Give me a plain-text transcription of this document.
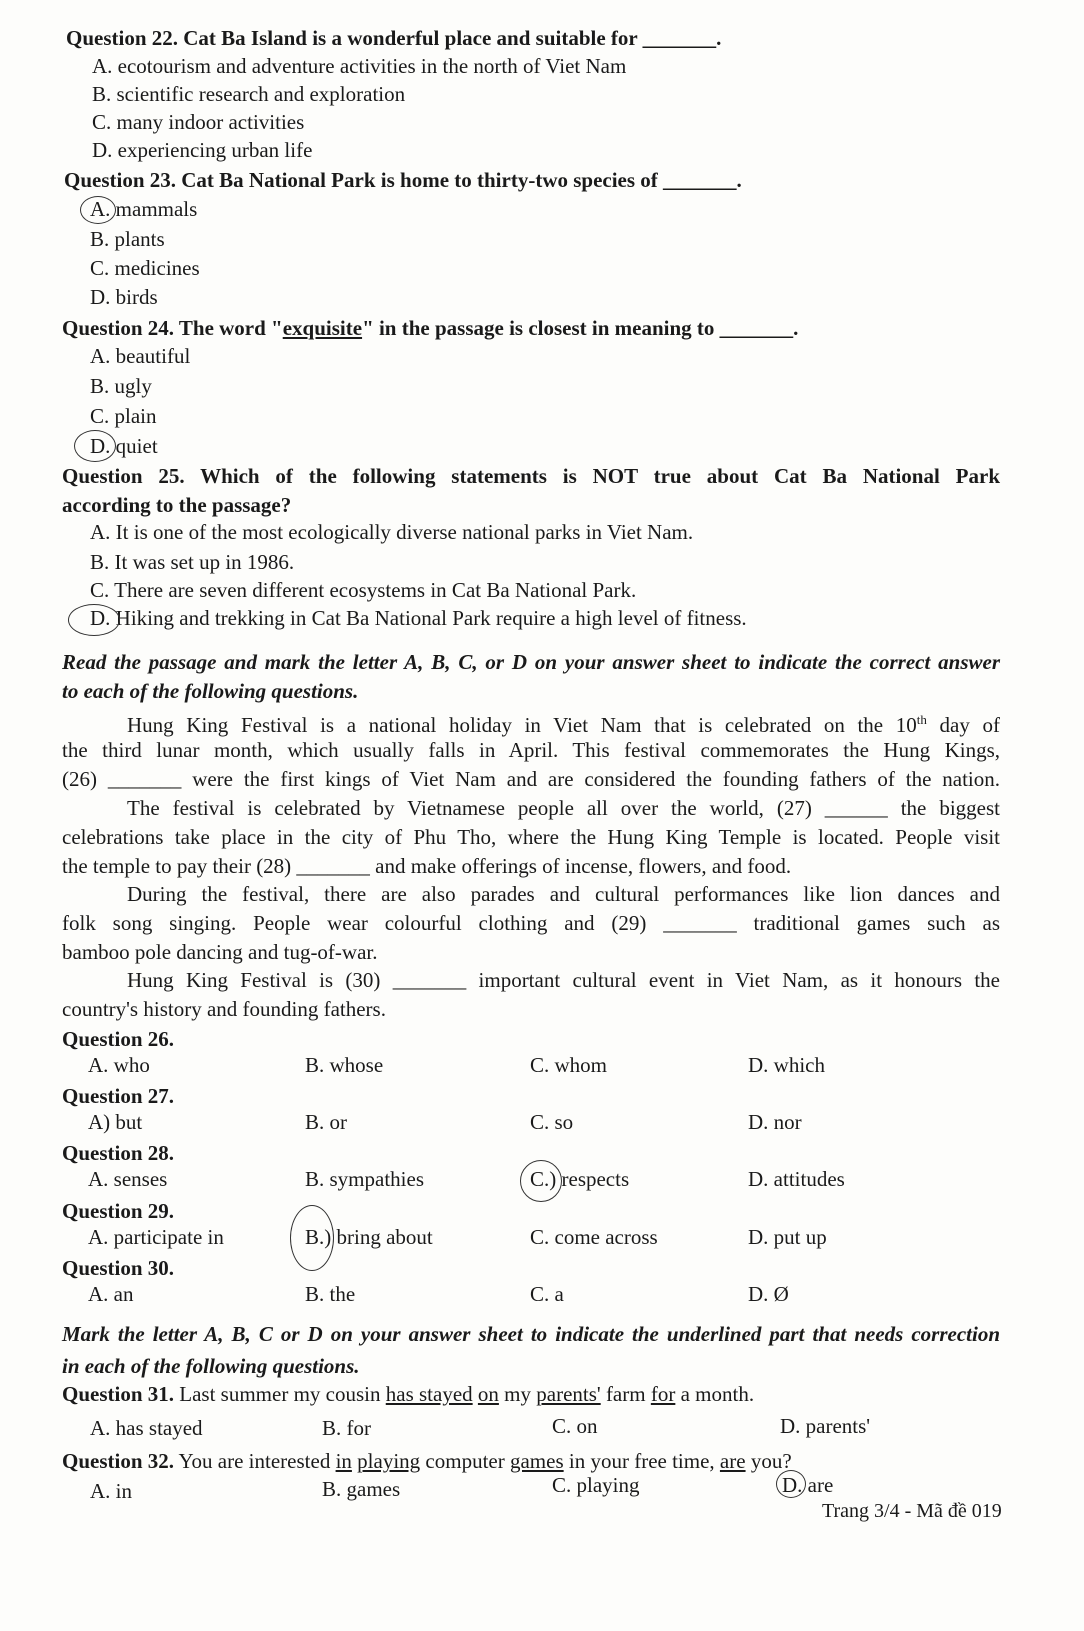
Question 22. Cat Ba Island is a wonderful place and suitable for _______.
A. ecotourism and adventure activities in the north of Viet Nam
B. scientific research and exploration
C. many indoor activities
D. experiencing urban life
Question 23. Cat Ba National Park is home to thirty-two species of _______.
A. mammals
B. plants
C. medicines
D. birds
Question 24. The word "exquisite" in the passage is closest in meaning to _______.
A. beautiful
B. ugly
C. plain
D. quiet
Question 25. Which of the following statements is NOT true about Cat Ba National Park
according to the passage?
A. It is one of the most ecologically diverse national parks in Viet Nam.
B. It was set up in 1986.
C. There are seven different ecosystems in Cat Ba National Park.
D. Hiking and trekking in Cat Ba National Park require a high level of fitness.
Read the passage and mark the letter A, B, C, or D on your answer sheet to indicate the correct answer
to each of the following questions.
Hung King Festival is a national holiday in Viet Nam that is celebrated on the 10th day of
the third lunar month, which usually falls in April. This festival commemorates the Hung Kings,
(26) _______ were the first kings of Viet Nam and are considered the founding fathers of the nation.
The festival is celebrated by Vietnamese people all over the world, (27) ______ the biggest
celebrations take place in the city of Phu Tho, where the Hung King Temple is located. People visit
the temple to pay their (28) _______ and make offerings of incense, flowers, and food.
During the festival, there are also parades and cultural performances like lion dances and
folk song singing. People wear colourful clothing and (29) _______ traditional games such as
bamboo pole dancing and tug-of-war.
Hung King Festival is (30) _______ important cultural event in Viet Nam, as it honours the
country's history and founding fathers.
Question 26.
A. who	B. whose	C. whom	D. which
Question 27.
A) but	B. or	C. so	D. nor
Question 28.
A. senses	B. sympathies	C.) respects	D. attitudes
Question 29.
A. participate in	B.) bring about	C. come across	D. put up
Question 30.
A. an	B. the	C. a	D. Ø
Mark the letter A, B, C or D on your answer sheet to indicate the underlined part that needs correction
in each of the following questions.
Question 31. Last summer my cousin has stayed on my parents' farm for a month.
A. has stayed	B. for	C. on	D. parents'
Question 32. You are interested in playing computer games in your free time, are you?
A. in	B. games	C. playing	D. are
Trang 3/4 - Mã đề 019
